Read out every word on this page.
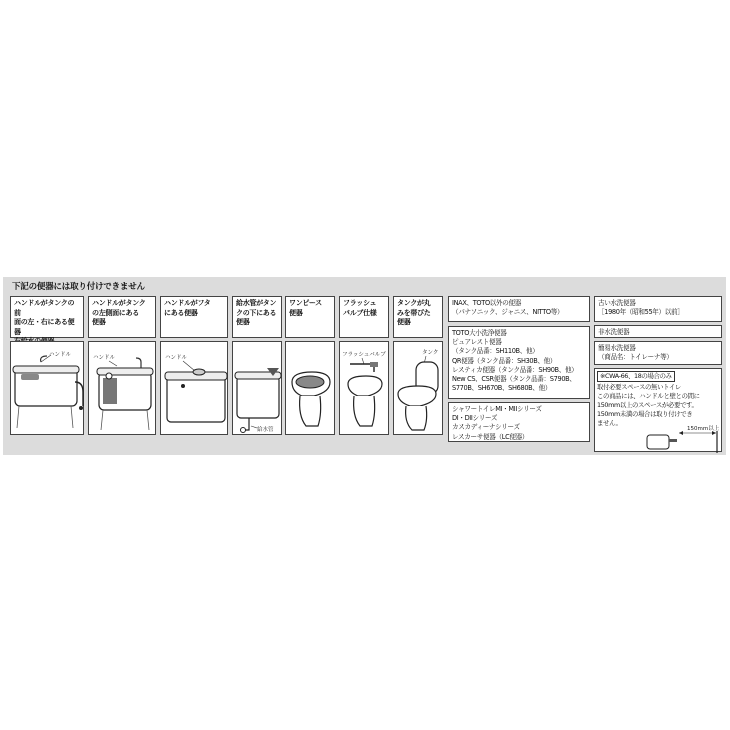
下記の便器には取り付けできません
ハンドルがタンクの前
面の左・右にある便器

ハンドル
ハンドルがタンク
の左側面にある
便器
ハンドル
ハンドルがフタ
にある便器
ハンドル
給水管がタン
クの下にある
便器
給水管
ワンピース
便器
フラッシュ
バルブ仕様
フラッシュバルブ
タンクが丸
みを帯びた
便器
タンク
INAX、TOTO以外の便器
（パナソニック、ジャニス、NITTO等）
TOTO大小洗浄便器
ピュアレスト便器
（タンク品番：SH110B、他）
QR便器（タンク品番：SH30B、他）
レスティカ便器（タンク品番：SH90B、他）
New CS、CSR便器（タンク品番：S790B、
S770B、SH670B、SH680B、他）
シャワートイレMI・MIIシリーズ
DI・DIIシリーズ
カスカディーナシリーズ
レスカーサ便器（LC便器）
古い水洗便器
［1980年（昭和55年）以前］
非水洗便器
簡易水洗便器
（商品名：トイレーナ等）
※CWA-66、18の場合のみ
取付必要スペースの無いトイレ
この商品には、ハンドルと壁との間に
150mm以上のスペースが必要です。
150mm未満の場合は取り付けでき
ません。
150mm以上
